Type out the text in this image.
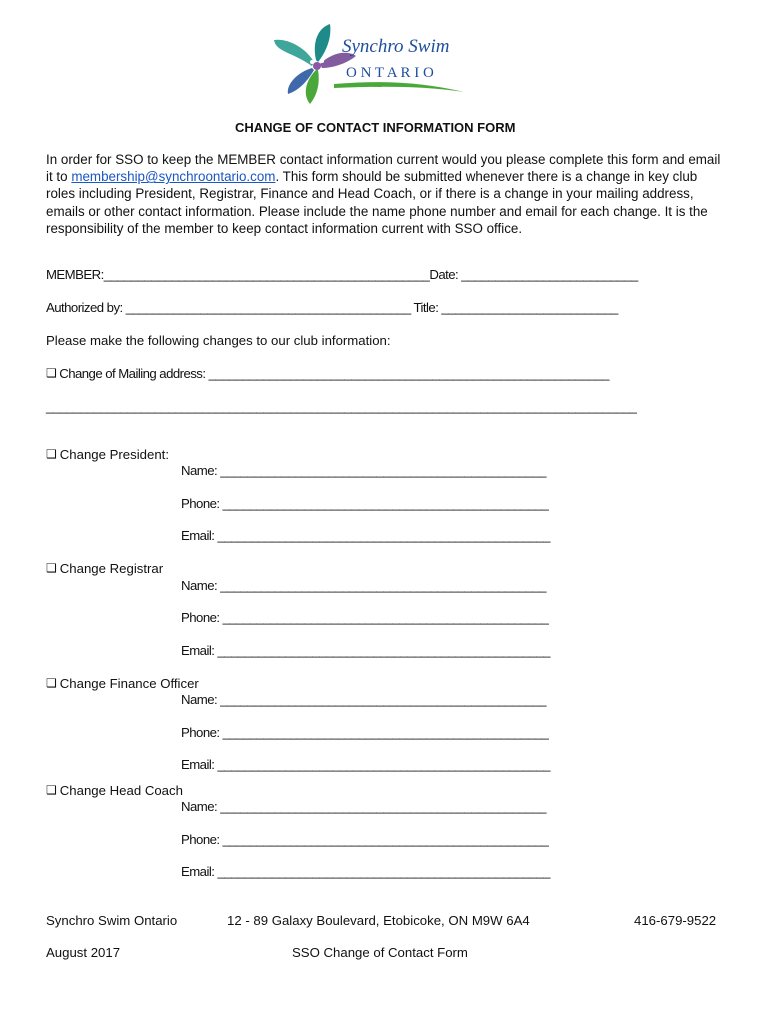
Synchro Swim
O N T A R I O
CHANGE OF CONTACT INFORMATION FORM
In order for SSO to keep the MEMBER contact information current would you please complete this form and email it to membership@synchroontario.com. This form should be submitted whenever there is a change in key club roles including President, Registrar, Finance and Head Coach, or if there is a change in your mailing address, emails or other contact information. Please include the name phone number and email for each change. It is the responsibility of the member to keep contact information current with SSO office.
MEMBER:________________________________________________Date: __________________________
Authorized by: __________________________________________ Title: __________________________
Please make the following changes to our club information:
❑ Change of Mailing address: ___________________________________________________________
_______________________________________________________________________________________
❑ Change President:
Name: ________________________________________________
Phone: ________________________________________________
Email: _________________________________________________
❑ Change Registrar
Name: ________________________________________________
Phone: ________________________________________________
Email: _________________________________________________
❑ Change Finance Officer
Name: ________________________________________________
Phone: ________________________________________________
Email: _________________________________________________
❑ Change Head Coach
Name: ________________________________________________
Phone: ________________________________________________
Email: _________________________________________________
Synchro Swim Ontario	12 - 89 Galaxy Boulevard, Etobicoke, ON M9W 6A4	416-679-9522
August 2017	SSO Change of Contact Form
